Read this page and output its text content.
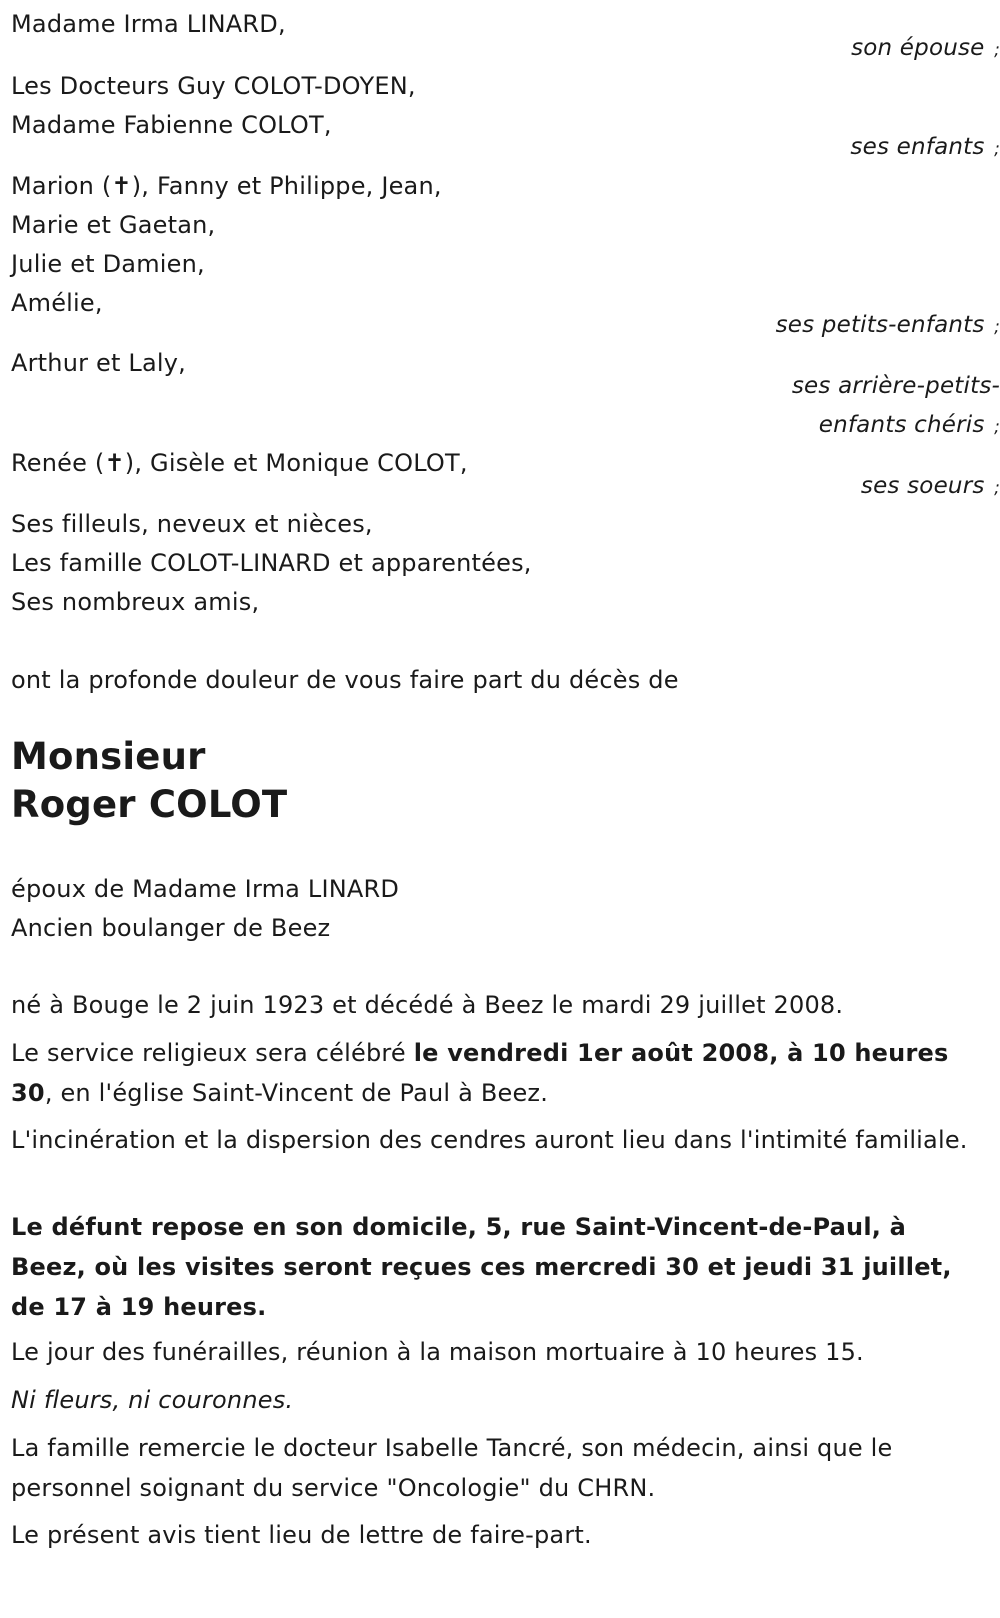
Madame Irma LINARD,
son épouse ;
Les Docteurs Guy COLOT-DOYEN,
Madame Fabienne COLOT,
ses enfants ;
Marion (✝), Fanny et Philippe, Jean,
Marie et Gaetan,
Julie et Damien,
Amélie,
ses petits-enfants ;
Arthur et Laly,
ses arrière-petits-
enfants chéris ;
Renée (✝), Gisèle et Monique COLOT,
ses soeurs ;
Ses filleuls, neveux et nièces,
Les famille COLOT-LINARD et apparentées,
Ses nombreux amis,
ont la profonde douleur de vous faire part du décès de
Monsieur
Roger COLOT
époux de Madame Irma LINARD
Ancien boulanger de Beez
né à Bouge le 2 juin 1923 et décédé à Beez le mardi 29 juillet 2008.
Le service religieux sera célébré le vendredi 1er août 2008, à 10 heures 30, en l'église Saint-Vincent de Paul à Beez.
L'incinération et la dispersion des cendres auront lieu dans l'intimité familiale.
Le défunt repose en son domicile, 5, rue Saint-Vincent-de-Paul, à Beez, où les visites seront reçues ces mercredi 30 et jeudi 31 juillet, de 17 à 19 heures.
Le jour des funérailles, réunion à la maison mortuaire à 10 heures 15.
Ni fleurs, ni couronnes.
La famille remercie le docteur Isabelle Tancré, son médecin, ainsi que le personnel soignant du service "Oncologie" du CHRN.
Le présent avis tient lieu de lettre de faire-part.
